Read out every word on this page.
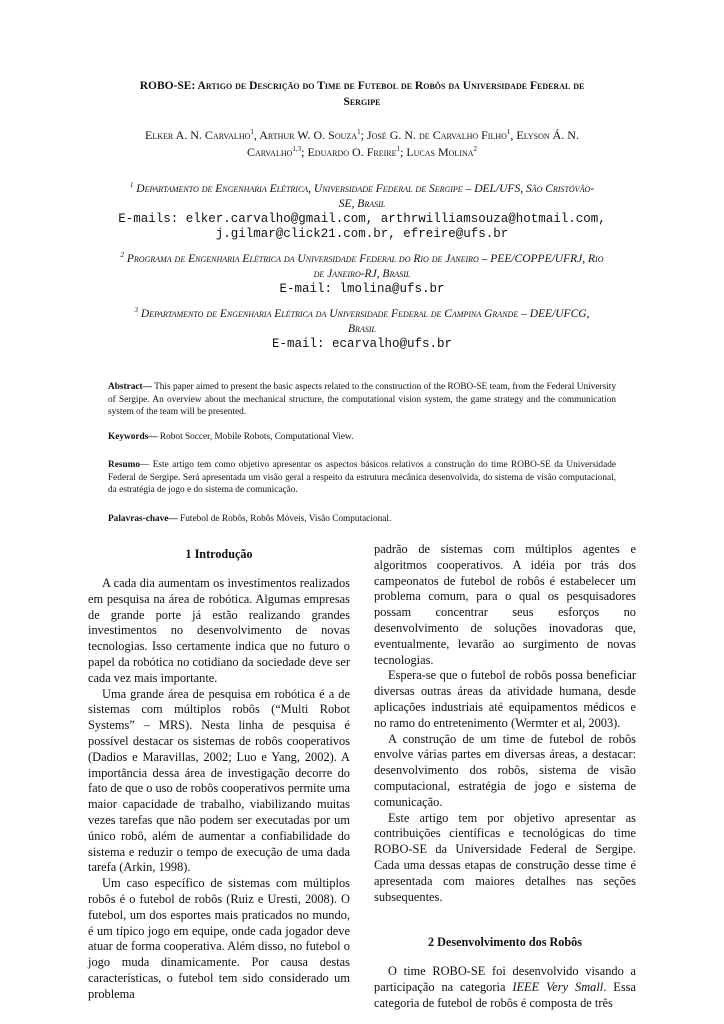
ROBO-SE: Artigo de Descrição do Time de Futebol de Robôs da Universidade Federal de
Sergipe
Elker A. N. Carvalho$^1$, Arthur W. O. Souza$^1$; José G. N. de Carvalho Filho$^1$, Elyson Á. N.
Carvalho$^{1,3}$; Eduardo O. Freire$^1$; Lucas Molina$^2$
$^1$ Departamento de Engenharia Elétrica, Universidade Federal de Sergipe – DEL/UFS, São Cristóvão-
SE, Brasil
E-mails: elker.carvalho@gmail.com, arthrwilliamsouza@hotmail.com,
j.gilmar@click21.com.br, efreire@ufs.br
$^2$ Programa de Engenharia Elétrica da Universidade Federal do Rio de Janeiro – PEE/COPPE/UFRJ, Rio
de Janeiro-RJ, Brasil
E-mail: lmolina@ufs.br
$^3$ Departamento de Engenharia Elétrica da Universidade Federal de Campina Grande – DEE/UFCG,
Brasil
E-mail: ecarvalho@ufs.br
Abstract— This paper aimed to present the basic aspects related to the construction of the ROBO-SE team, from the Federal University of Sergipe. An overview about the mechanical structure, the computational vision system, the game strategy and the communication system of the team will be presented.
Keywords— Robot Soccer, Mobile Robots, Computational View.
Resumo— Este artigo tem como objetivo apresentar os aspectos básicos relativos a construção do time ROBO-SE da Universidade Federal de Sergipe. Será apresentada um visão geral a respeito da estrutura mecânica desenvolvida, do sistema de visão computacional, da estratégia de jogo e do sistema de comunicação.
Palavras-chave— Futebol de Robôs, Robôs Móveis, Visão Computacional.
1 Introdução

A cada dia aumentam os investimentos realizados em pesquisa na área de robótica. Algumas empresas de grande porte já estão realizando grandes investimentos no desenvolvimento de novas tecnologias. Isso certamente indica que no futuro o papel da robótica no cotidiano da sociedade deve ser cada vez mais importante.

Uma grande área de pesquisa em robótica é a de sistemas com múltiplos robôs (“Multi Robot Systems” – MRS). Nesta linha de pesquisa é possível destacar os sistemas de robôs cooperativos (Dadios e Maravillas, 2002; Luo e Yang, 2002). A importância dessa área de investigação decorre do fato de que o uso de robôs cooperativos permite uma maior capacidade de trabalho, viabilizando muitas vezes tarefas que não podem ser executadas por um único robô, além de aumentar a confiabilidade do sistema e reduzir o tempo de execução de uma dada tarefa (Arkin, 1998).

Um caso específico de sistemas com múltiplos robôs é o futebol de robôs (Ruiz e Uresti, 2008). O futebol, um dos esportes mais praticados no mundo, é um típico jogo em equipe, onde cada jogador deve atuar de forma cooperativa. Além disso, no futebol o jogo muda dinamicamente. Por causa destas características, o futebol tem sido considerado um problema

padrão de sistemas com múltiplos agentes e algoritmos cooperativos. A idéia por trás dos campeonatos de futebol de robôs é estabelecer um problema comum, para o qual os pesquisadores possam concentrar seus esforços no desenvolvimento de soluções inovadoras que, eventualmente, levarão ao surgimento de novas tecnologias.

Espera-se que o futebol de robôs possa beneficiar diversas outras áreas da atividade humana, desde aplicações industriais até equipamentos médicos e no ramo do entretenimento (Wermter et al, 2003).

A construção de um time de futebol de robôs envolve várias partes em diversas áreas, a destacar: desenvolvimento dos robôs, sistema de visão computacional, estratégia de jogo e sistema de comunicação.

Este artigo tem por objetivo apresentar as contribuições científicas e tecnológicas do time ROBO-SE da Universidade Federal de Sergipe. Cada uma dessas etapas de construção desse time é apresentada com maiores detalhes nas seções subsequentes.

2 Desenvolvimento dos Robôs

O time ROBO-SE foi desenvolvido visando a participação na categoria IEEE Very Small. Essa categoria de futebol de robôs é composta de três
